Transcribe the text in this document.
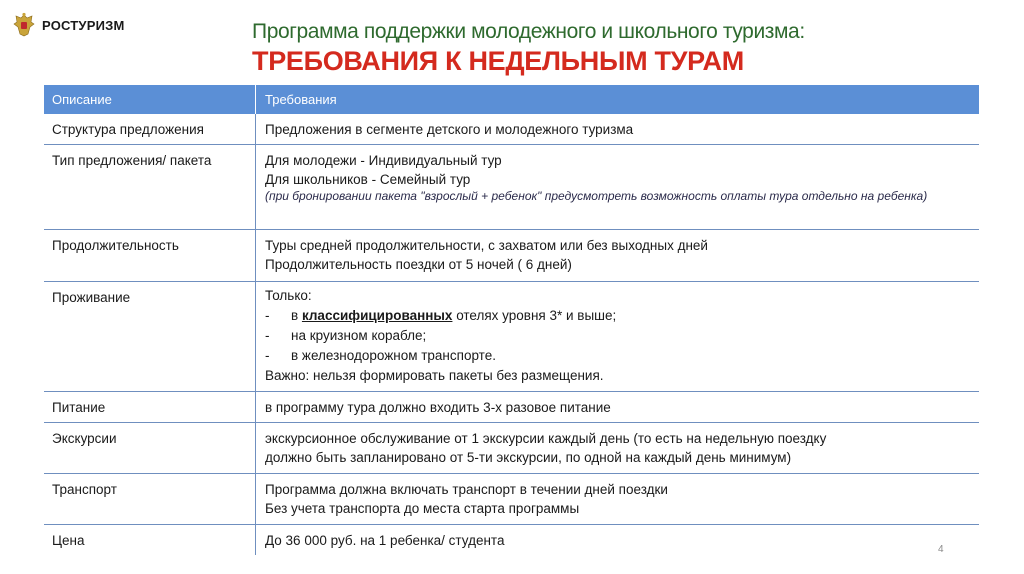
РОСТУРИЗМ	Программа поддержки молодежного и школьного туризма:
ТРЕБОВАНИЯ К НЕДЕЛЬНЫМ ТУРАМ
Описание	Требования
Структура предложения	Предложения в сегменте детского и молодежного туризма
Тип предложения/ пакета	Для молодежи - Индивидуальный тур
Для школьников - Семейный тур
(при бронировании пакета "взрослый + ребенок" предусмотреть возможность оплаты тура отдельно на ребенка)
Продолжительность	Туры средней продолжительности, с захватом или без выходных дней
Продолжительность поездки от 5 ночей ( 6 дней)
Проживание	Только:
- в классифицированных отелях уровня 3* и выше;
- на круизном корабле;
- в железнодорожном транспорте.
Важно: нельзя формировать пакеты без размещения.
Питание	в программу тура должно входить 3-х разовое питание
Экскурсии	экскурсионное обслуживание от 1 экскурсии каждый день (то есть на недельную поездку
должно быть запланировано от 5-ти экскурсии, по одной на каждый день минимум)
Транспорт	Программа должна включать транспорт в течении дней поездки
Без учета транспорта до места старта программы
Цена	До 36 000 руб. на 1 ребенка/ студента
4
